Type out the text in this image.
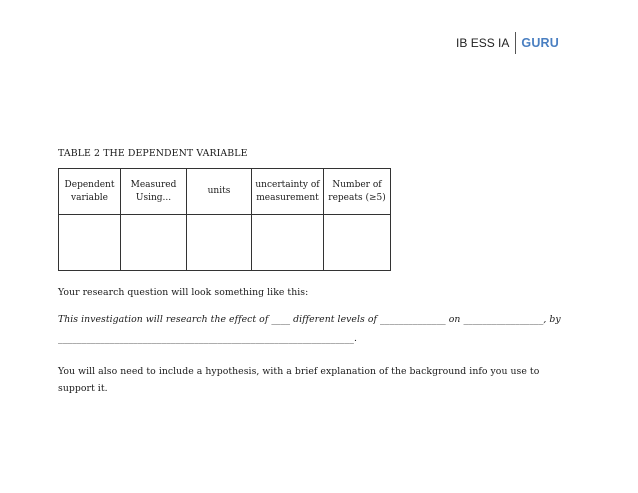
IB ESS IA GURU
TABLE 2 THE DEPENDENT VARIABLE
Dependent variable	Measured Using...	units	uncertainty of measurement	Number of repeats (≥5)

Your research question will look something like this:
This investigation will research the effect of ____ different levels of ______________ on _________________, by
_______________________________________________________________.
You will also need to include a hypothesis, with a brief explanation of the background info you use to
support it.
